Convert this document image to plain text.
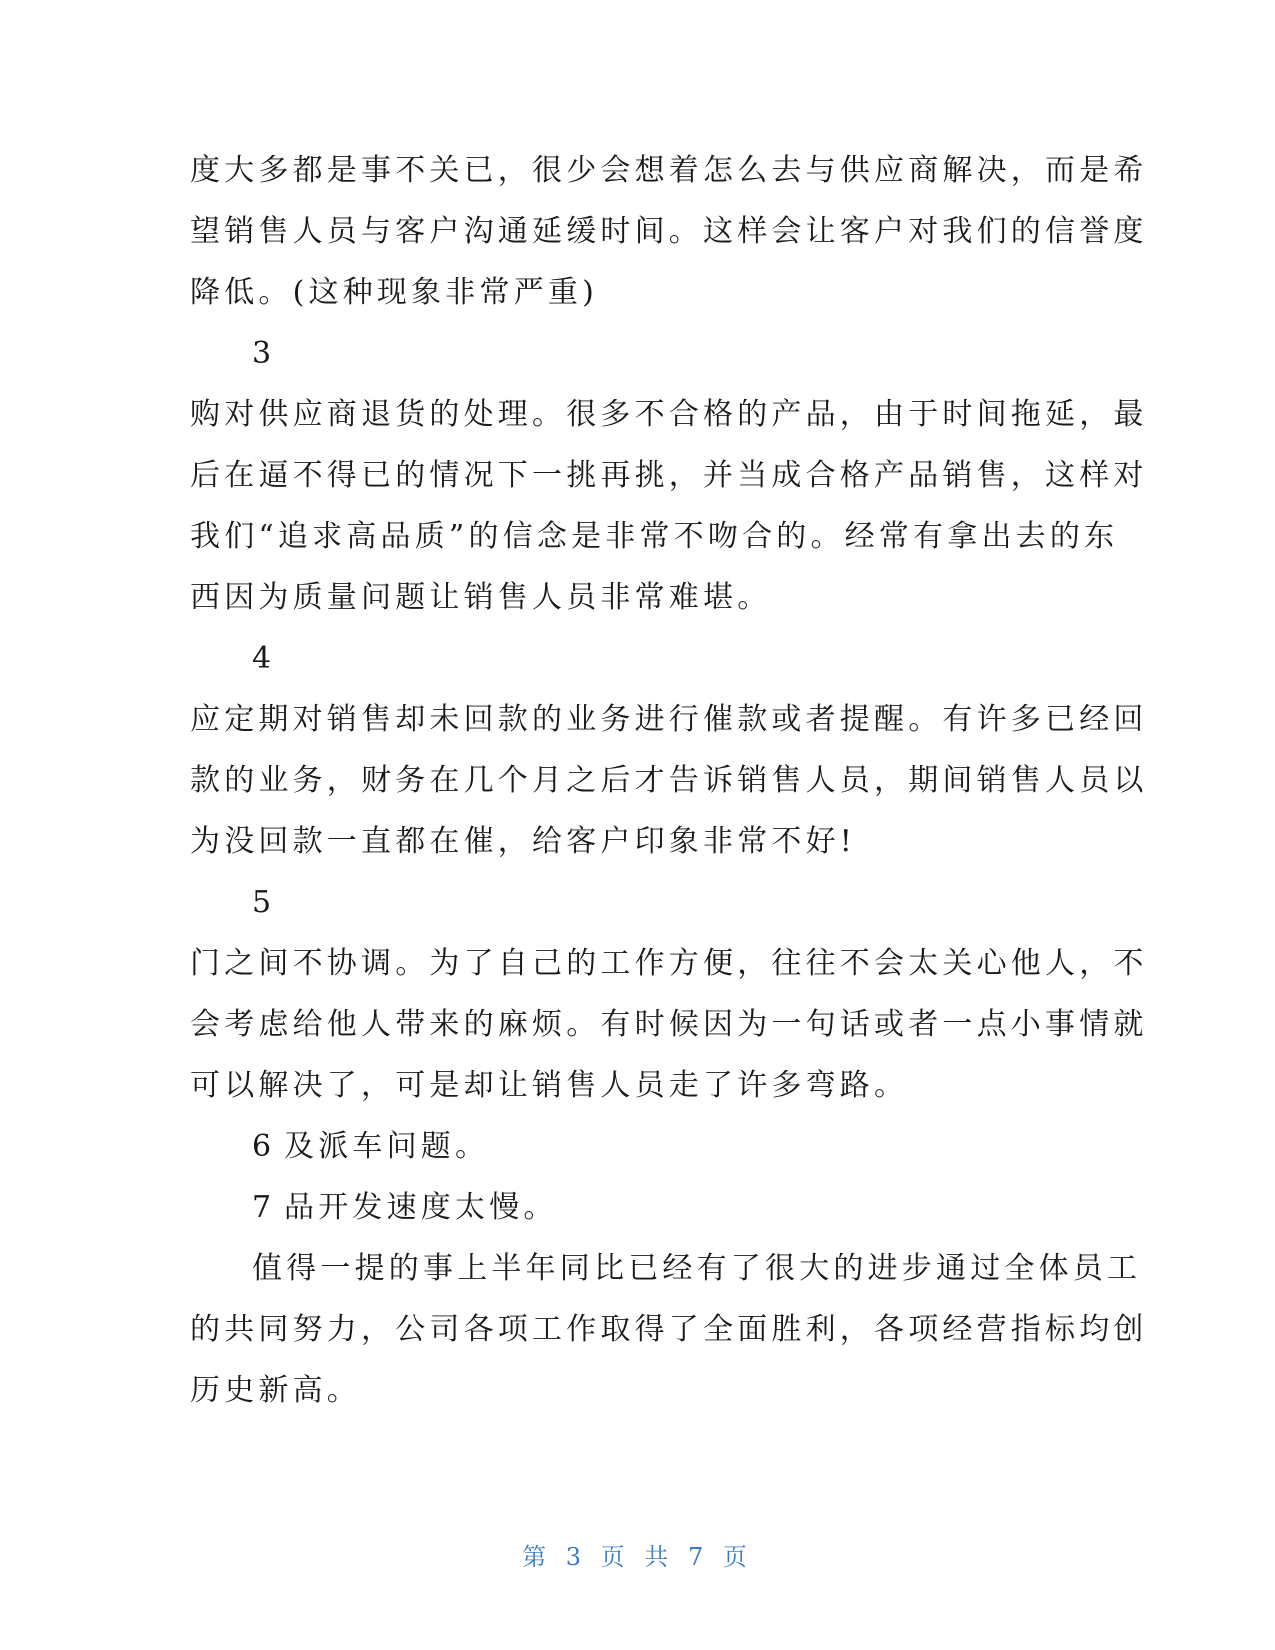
度大多都是事不关已，很少会想着怎么去与供应商解决，而是希

望销售人员与客户沟通延缓时间。这样会让客户对我们的信誉度

降低。(这种现象非常严重)

3

购对供应商退货的处理。很多不合格的产品，由于时间拖延，最

后在逼不得已的情况下一挑再挑，并当成合格产品销售，这样对

我们“追求高品质”的信念是非常不吻合的。经常有拿出去的东

西因为质量问题让销售人员非常难堪。

4

应定期对销售却未回款的业务进行催款或者提醒。有许多已经回

款的业务，财务在几个月之后才告诉销售人员，期间销售人员以

为没回款一直都在催，给客户印象非常不好!

5

门之间不协调。为了自己的工作方便，往往不会太关心他人，不

会考虑给他人带来的麻烦。有时候因为一句话或者一点小事情就

可以解决了，可是却让销售人员走了许多弯路。

6 及派车问题。

7 品开发速度太慢。

值得一提的事上半年同比已经有了很大的进步通过全体员工

的共同努力，公司各项工作取得了全面胜利，各项经营指标均创

历史新高。

第 3 页 共 7 页
